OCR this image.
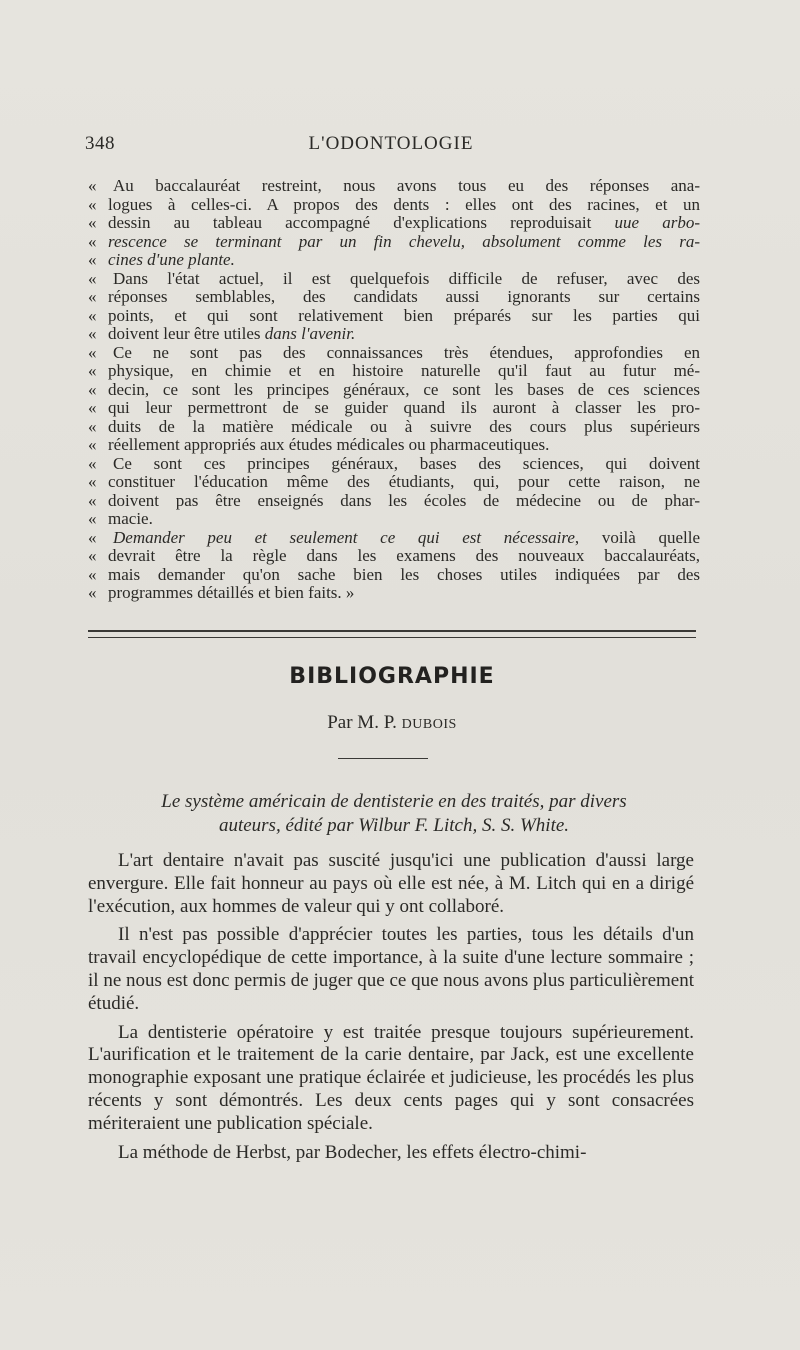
348	L'ODONTOLOGIE
« Au baccalauréat restreint, nous avons tous eu des réponses ana-
« logues à celles-ci. A propos des dents : elles ont des racines, et un
« dessin au tableau accompagné d'explications reproduisait uue arbo-
« rescence se terminant par un fin chevelu, absolument comme les ra-
« cines d'une plante.
« Dans l'état actuel, il est quelquefois difficile de refuser, avec des
« réponses semblables, des candidats aussi ignorants sur certains
« points, et qui sont relativement bien préparés sur les parties qui
« doivent leur être utiles dans l'avenir.
« Ce ne sont pas des connaissances très étendues, approfondies en
« physique, en chimie et en histoire naturelle qu'il faut au futur mé-
« decin, ce sont les principes généraux, ce sont les bases de ces sciences
« qui leur permettront de se guider quand ils auront à classer les pro-
« duits de la matière médicale ou à suivre des cours plus supérieurs
« réellement appropriés aux études médicales ou pharmaceutiques.
« Ce sont ces principes généraux, bases des sciences, qui doivent
« constituer l'éducation même des étudiants, qui, pour cette raison, ne
« doivent pas être enseignés dans les écoles de médecine ou de phar-
« macie.
« Demander peu et seulement ce qui est nécessaire, voilà quelle
« devrait être la règle dans les examens des nouveaux baccalauréats,
« mais demander qu'on sache bien les choses utiles indiquées par des
« programmes détaillés et bien faits. »
BIBLIOGRAPHIE
Par M. P. DUBOIS
Le système américain de dentisterie en des traités, par divers
auteurs, édité par Wilbur F. Litch, S. S. White.

L'art dentaire n'avait pas suscité jusqu'ici une publication d'aussi large envergure. Elle fait honneur au pays où elle est née, à M. Litch qui en a dirigé l'exécution, aux hommes de valeur qui y ont collaboré.

Il n'est pas possible d'apprécier toutes les parties, tous les détails d'un travail encyclopédique de cette importance, à la suite d'une lecture sommaire ; il ne nous est donc permis de juger que ce que nous avons plus particulièrement étudié.

La dentisterie opératoire y est traitée presque toujours supérieurement. L'aurification et le traitement de la carie dentaire, par Jack, est une excellente monographie exposant une pratique éclairée et judicieuse, les procédés les plus récents y sont démontrés. Les deux cents pages qui y sont consacrées mériteraient une publication spéciale.

La méthode de Herbst, par Bodecher, les effets électro-chimi-
